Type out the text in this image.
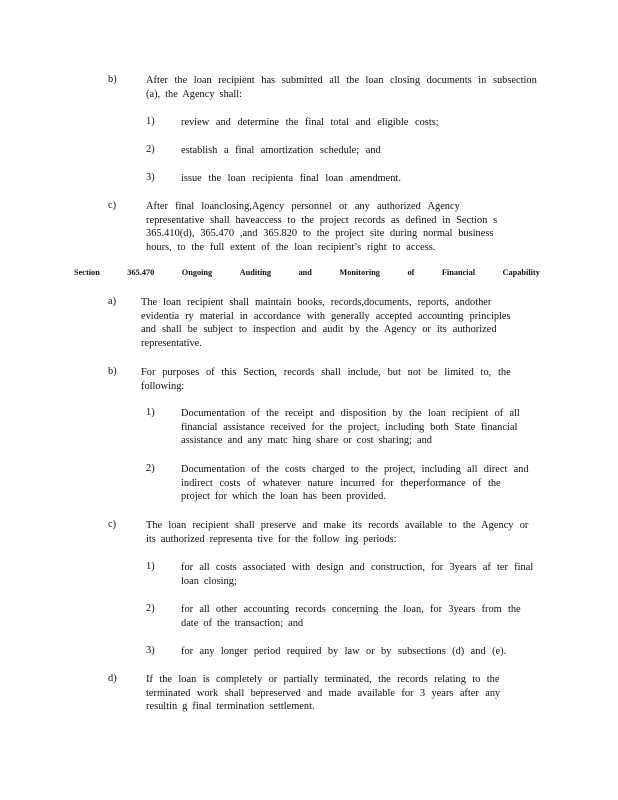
b)	After the loan recipient has submitted all the loan closing documents in subsection
(a), the Agency shall:
1)	review and determine the final total and eligible costs;
2)	establish a final amortization schedule; and
3)	issue the loan recipienta final loan amendment.
c)	After final loanclosing,Agency personnel or any authorized Agency
representative shall haveaccess to the project records as defined in Section s
365.410(d), 365.470 ,and 365.820 to the project site during normal business
hours, to the full extent of the loan recipient’s right to access.
Section	365.470	Ongoing	Auditing	and	Monitoring	of	Financial	Capability
a) The loan recipient shall maintain books, records,documents, reports, andother
evidentia ry material in accordance with generally accepted accounting principles
and shall be subject to inspection and audit by the Agency or its authorized
representative.
b) For purposes of this Section, records shall include, but not be limited to, the
following:
1)	Documentation of the receipt and disposition by the loan recipient of all
financial assistance received for the project, including both State financial
assistance and any matc hing share or cost sharing; and
2)	Documentation of the costs charged to the project, including all direct and
indirect costs of whatever nature incurred for theperformance of the
project for which the loan has been provided.
c)	The loan recipient shall preserve and make its records available to the Agency or
its authorized representa tive for the follow ing periods:
1)	for all costs associated with design and construction, for 3years af ter final
loan closing;
2)	for all other accounting records concerning the loan, for 3years from the
date of the transaction; and
3)	for any longer period required by law or by subsections (d) and (e).
d)	If the loan is completely or partially terminated, the records relating to the
terminated work shall bepreserved and made available for 3 years after any
resultin g final termination settlement.
